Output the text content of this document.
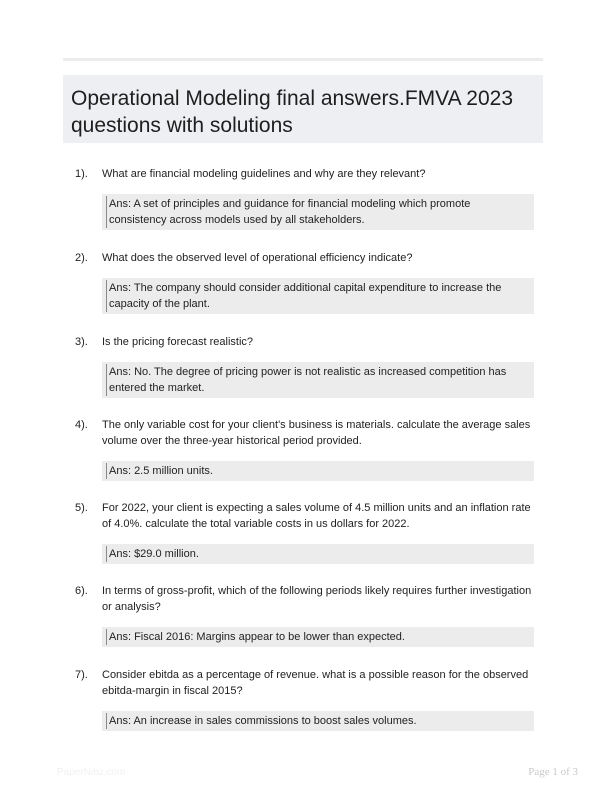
Operational Modeling final answers.FMVA 2023 questions with solutions
1). What are financial modeling guidelines and why are they relevant?
Ans: A set of principles and guidance for financial modeling which promote consistency across models used by all stakeholders.
2). What does the observed level of operational efficiency indicate?
Ans: The company should consider additional capital expenditure to increase the capacity of the plant.
3). Is the pricing forecast realistic?
Ans: No. The degree of pricing power is not realistic as increased competition has entered the market.
4). The only variable cost for your client's business is materials. calculate the average sales volume over the three-year historical period provided.
Ans: 2.5 million units.
5). For 2022, your client is expecting a sales volume of 4.5 million units and an inflation rate of 4.0%. calculate the total variable costs in us dollars for 2022.
Ans: $29.0 million.
6). In terms of gross-profit, which of the following periods likely requires further investigation or analysis?
Ans: Fiscal 2016: Margins appear to be lower than expected.
7). Consider ebitda as a percentage of revenue. what is a possible reason for the observed ebitda-margin in fiscal 2015?
Ans: An increase in sales commissions to boost sales volumes.
PaperNibz.com	Page 1 of 3
